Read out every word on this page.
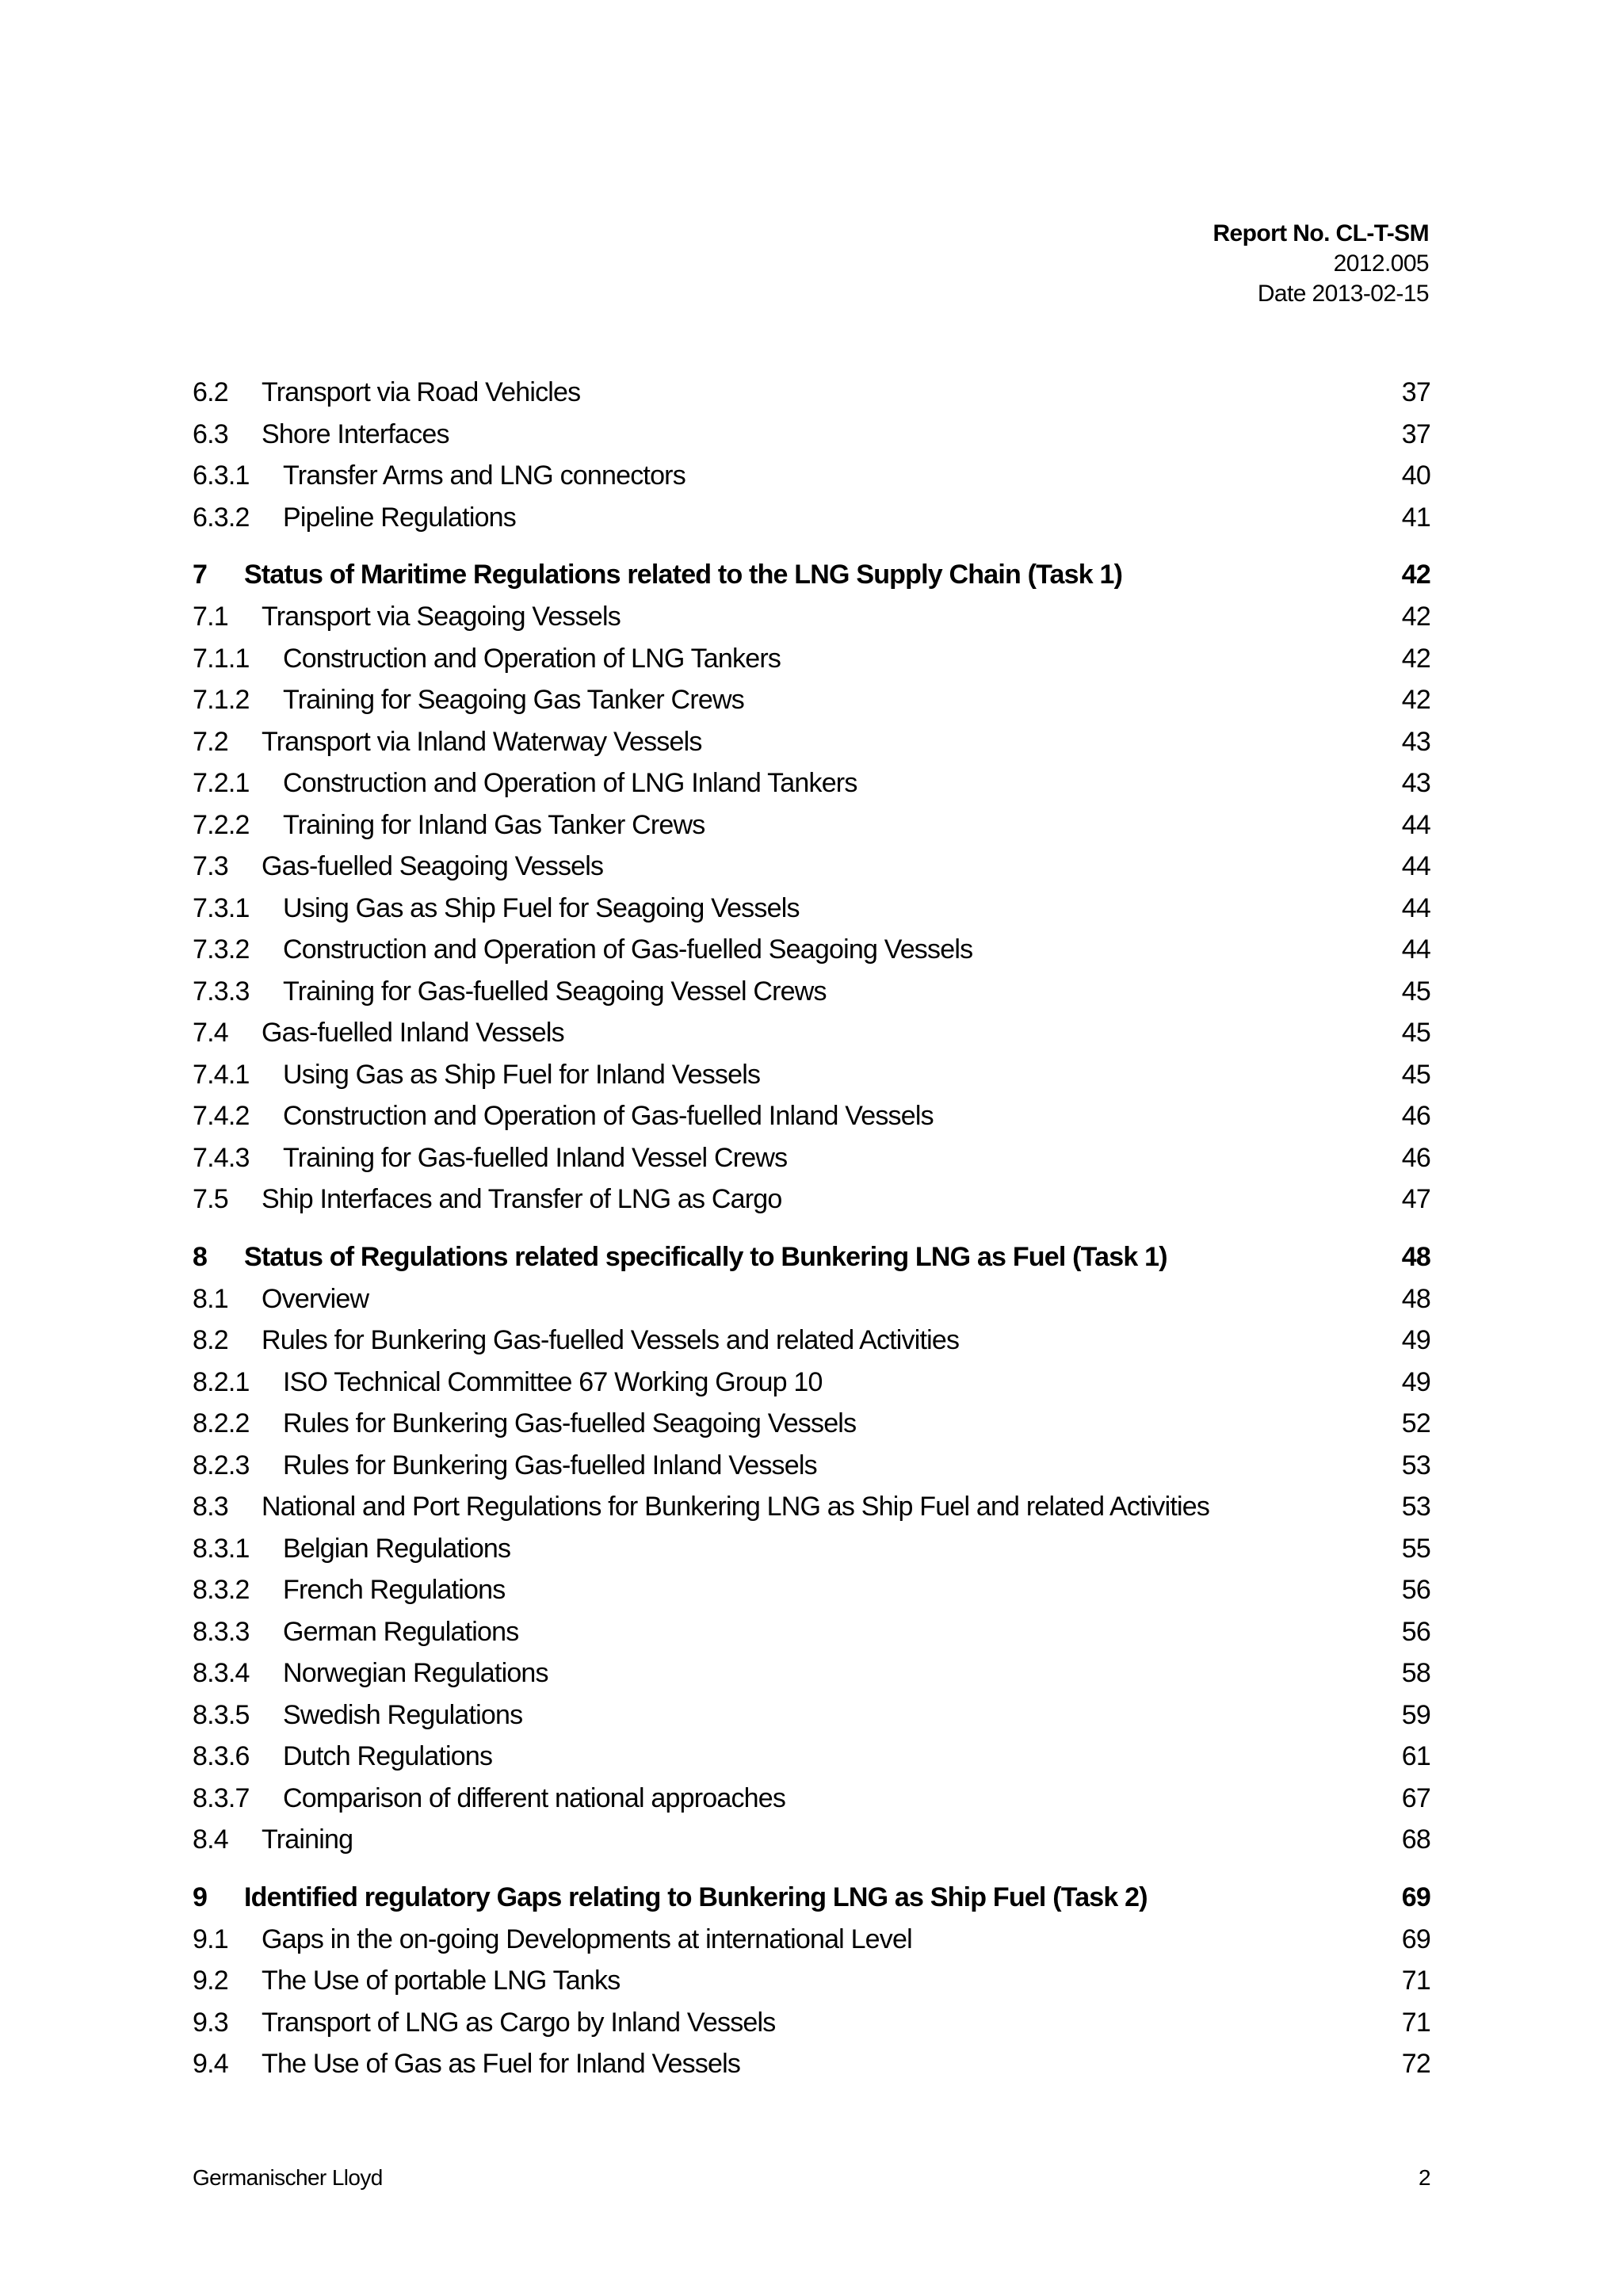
Report No. CL-T-SM
2012.005
Date 2013-02-15
6.2	Transport via Road Vehicles	37
6.3	Shore Interfaces	37
6.3.1	Transfer Arms and LNG connectors	40
6.3.2	Pipeline Regulations	41
7	Status of Maritime Regulations related to the LNG Supply Chain (Task 1)	42
7.1	Transport via Seagoing Vessels	42
7.1.1	Construction and Operation of LNG Tankers	42
7.1.2	Training for Seagoing Gas Tanker Crews	42
7.2	Transport via Inland Waterway Vessels	43
7.2.1	Construction and Operation of LNG Inland Tankers	43
7.2.2	Training for Inland Gas Tanker Crews	44
7.3	Gas-fuelled Seagoing Vessels	44
7.3.1	Using Gas as Ship Fuel for Seagoing Vessels	44
7.3.2	Construction and Operation of Gas-fuelled Seagoing Vessels	44
7.3.3	Training for Gas-fuelled Seagoing Vessel Crews	45
7.4	Gas-fuelled Inland Vessels	45
7.4.1	Using Gas as Ship Fuel for Inland Vessels	45
7.4.2	Construction and Operation of Gas-fuelled Inland Vessels	46
7.4.3	Training for Gas-fuelled Inland Vessel Crews	46
7.5	Ship Interfaces and Transfer of LNG as Cargo	47
8	Status of Regulations related specifically to Bunkering LNG as Fuel (Task 1)	48
8.1	Overview	48
8.2	Rules for Bunkering Gas-fuelled Vessels and related Activities	49
8.2.1	ISO Technical Committee 67 Working Group 10	49
8.2.2	Rules for Bunkering Gas-fuelled Seagoing Vessels	52
8.2.3	Rules for Bunkering Gas-fuelled Inland Vessels	53
8.3	National and Port Regulations for Bunkering LNG as Ship Fuel and related Activities	53
8.3.1	Belgian Regulations	55
8.3.2	French Regulations	56
8.3.3	German Regulations	56
8.3.4	Norwegian Regulations	58
8.3.5	Swedish Regulations	59
8.3.6	Dutch Regulations	61
8.3.7	Comparison of different national approaches	67
8.4	Training	68
9	Identified regulatory Gaps relating to Bunkering LNG as Ship Fuel (Task 2)	69
9.1	Gaps in the on-going Developments at international Level	69
9.2	The Use of portable LNG Tanks	71
9.3	Transport of LNG as Cargo by Inland Vessels	71
9.4	The Use of Gas as Fuel for Inland Vessels	72
Germanischer Lloyd	2
